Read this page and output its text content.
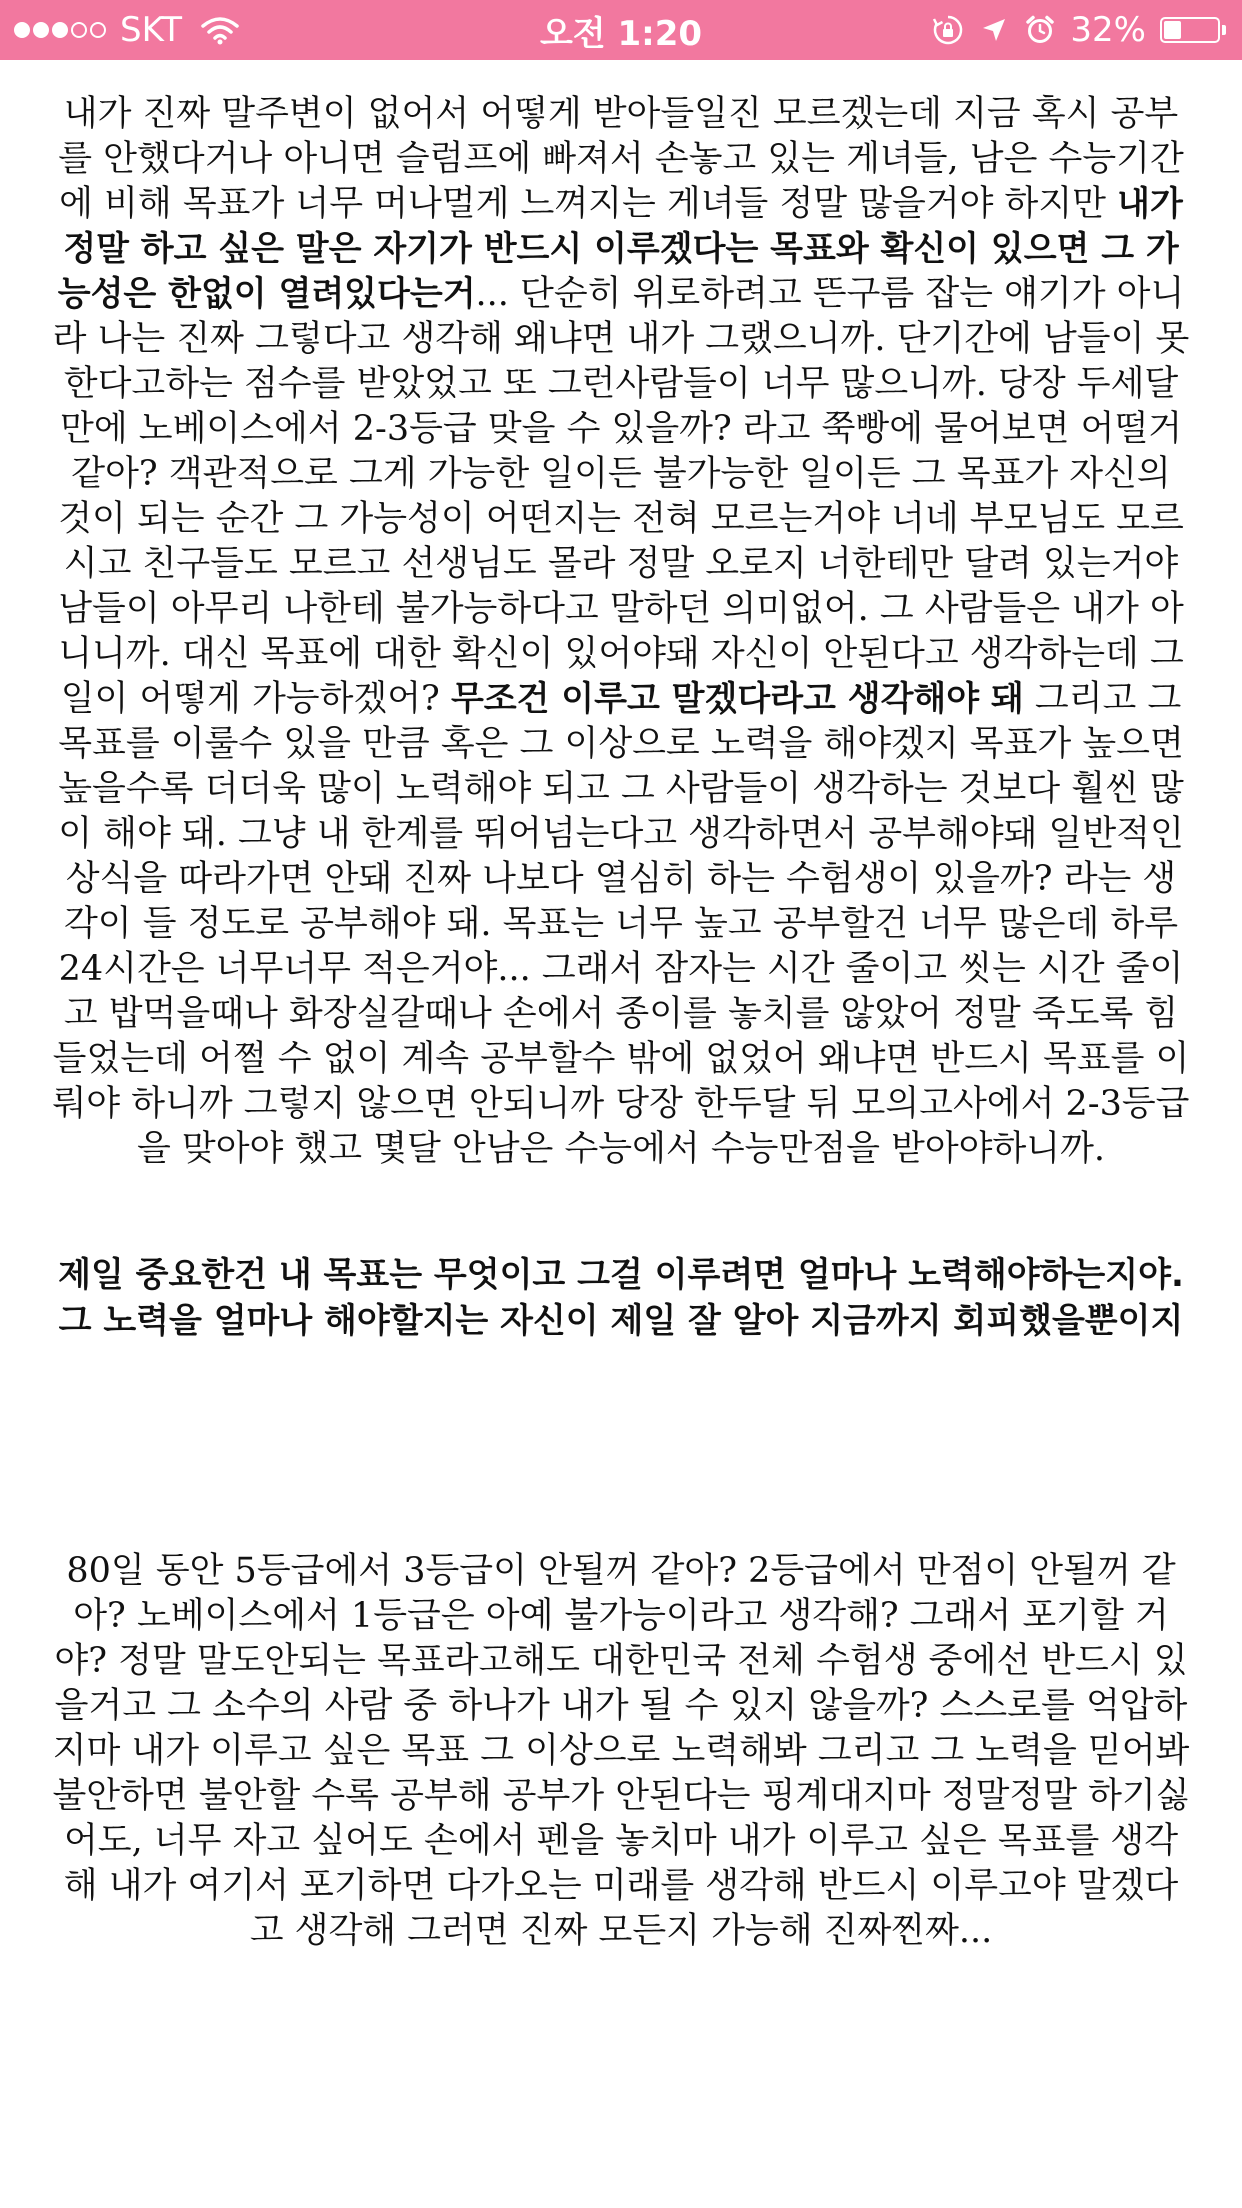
SKT	오전 1:20	32%

내가 진짜 말주변이 없어서 어떻게 받아들일진 모르겠는데 지금 혹시 공부를 안했다거나 아니면 슬럼프에 빠져서 손놓고 있는 게녀들, 남은 수능기간에 비해 목표가 너무 머나멀게 느껴지는 게녀들 정말 많을거야 하지만 내가 정말 하고 싶은 말은 자기가 반드시 이루겠다는 목표와 확신이 있으면 그 가능성은 한없이 열려있다는거... 단순히 위로하려고 뜬구름 잡는 얘기가 아니라 나는 진짜 그렇다고 생각해 왜냐면 내가 그랬으니까. 단기간에 남들이 못한다고하는 점수를 받았었고 또 그런사람들이 너무 많으니까. 당장 두세달만에 노베이스에서 2-3등급 맞을 수 있을까? 라고 쭉빵에 물어보면 어떨거 같아? 객관적으로 그게 가능한 일이든 불가능한 일이든 그 목표가 자신의 것이 되는 순간 그 가능성이 어떤지는 전혀 모르는거야 너네 부모님도 모르시고 친구들도 모르고 선생님도 몰라 정말 오로지 너한테만 달려 있는거야 남들이 아무리 나한테 불가능하다고 말하던 의미없어. 그 사람들은 내가 아니니까. 대신 목표에 대한 확신이 있어야돼 자신이 안된다고 생각하는데 그 일이 어떻게 가능하겠어? 무조건 이루고 말겠다라고 생각해야 돼 그리고 그 목표를 이룰수 있을 만큼 혹은 그 이상으로 노력을 해야겠지 목표가 높으면 높을수록 더더욱 많이 노력해야 되고 그 사람들이 생각하는 것보다 훨씬 많이 해야 돼. 그냥 내 한계를 뛰어넘는다고 생각하면서 공부해야돼 일반적인 상식을 따라가면 안돼 진짜 나보다 열심히 하는 수험생이 있을까? 라는 생각이 들 정도로 공부해야 돼. 목표는 너무 높고 공부할건 너무 많은데 하루 24시간은 너무너무 적은거야... 그래서 잠자는 시간 줄이고 씻는 시간 줄이고 밥먹을때나 화장실갈때나 손에서 종이를 놓치를 않았어 정말 죽도록 힘들었는데 어쩔 수 없이 계속 공부할수 밖에 없었어 왜냐면 반드시 목표를 이뤄야 하니까 그렇지 않으면 안되니까 당장 한두달 뒤 모의고사에서 2-3등급을 맞아야 했고 몇달 안남은 수능에서 수능만점을 받아야하니까.

제일 중요한건 내 목표는 무엇이고 그걸 이루려면 얼마나 노력해야하는지야. 그 노력을 얼마나 해야할지는 자신이 제일 잘 알아 지금까지 회피했을뿐이지

80일 동안 5등급에서 3등급이 안될꺼 같아? 2등급에서 만점이 안될꺼 같아? 노베이스에서 1등급은 아예 불가능이라고 생각해? 그래서 포기할 거야? 정말 말도안되는 목표라고해도 대한민국 전체 수험생 중에선 반드시 있을거고 그 소수의 사람 중 하나가 내가 될 수 있지 않을까? 스스로를 억압하지마 내가 이루고 싶은 목표 그 이상으로 노력해봐 그리고 그 노력을 믿어봐 불안하면 불안할 수록 공부해 공부가 안된다는 핑계대지마 정말정말 하기싫어도, 너무 자고 싶어도 손에서 펜을 놓치마 내가 이루고 싶은 목표를 생각해 내가 여기서 포기하면 다가오는 미래를 생각해 반드시 이루고야 말겠다고 생각해 그러면 진짜 모든지 가능해 진짜찐짜...
